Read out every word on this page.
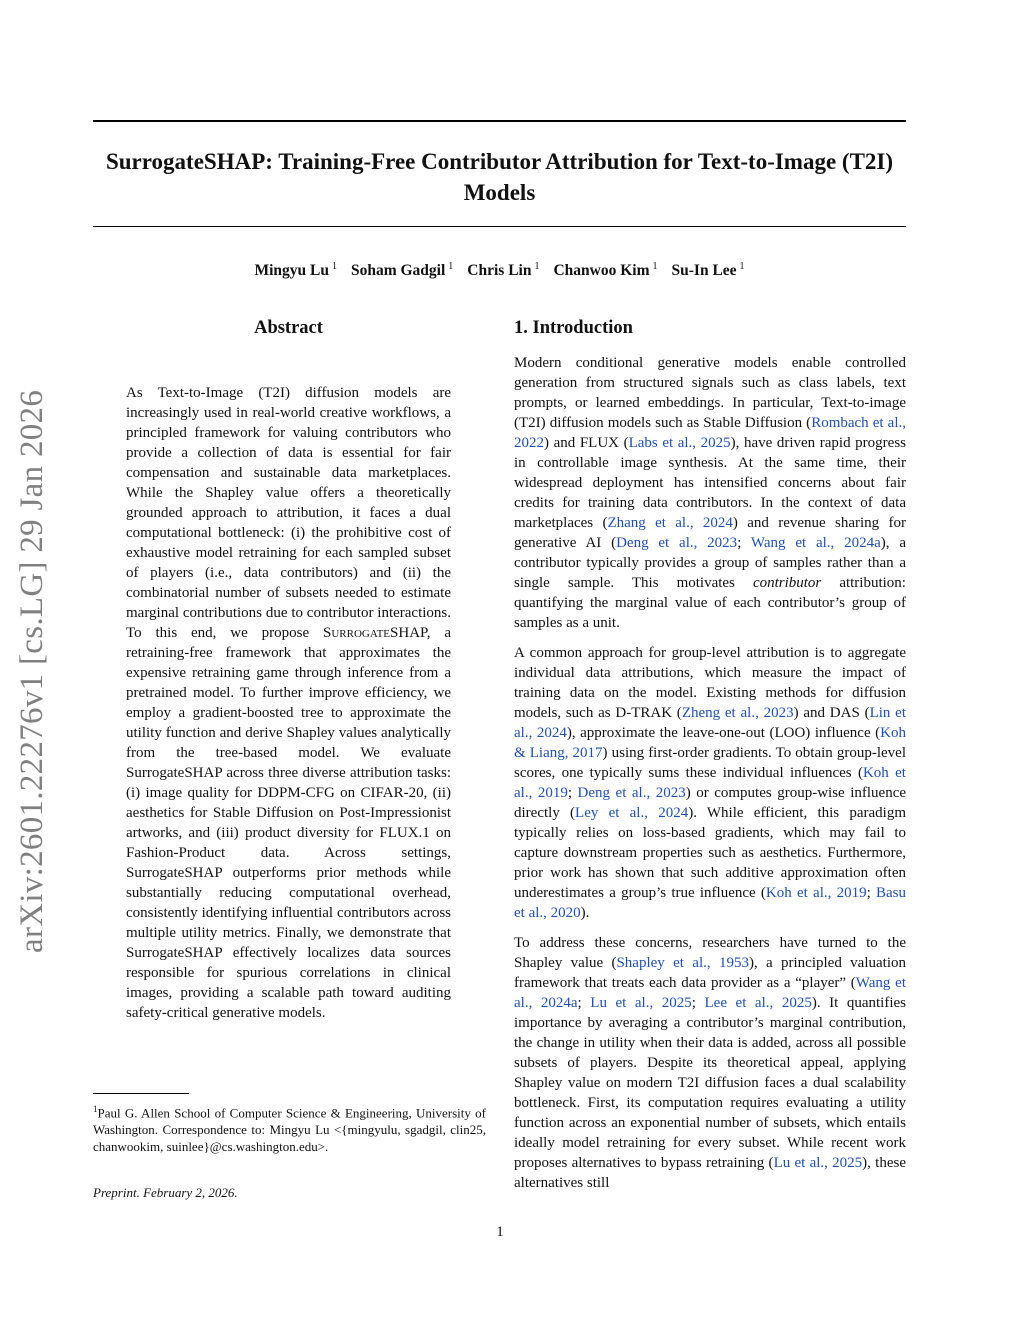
SurrogateSHAP: Training-Free Contributor Attribution for Text-to-Image (T2I)
Models
Mingyu Lu $^1$ Soham Gadgil $^1$ Chris Lin $^1$ Chanwoo Kim $^1$ Su-In Lee $^1$
arXiv:2601.22276v1 [cs.LG] 29 Jan 2026
Abstract

As Text-to-Image (T2I) diffusion models are increasingly used in real-world creative workflows, a principled framework for valuing contributors who provide a collection of data is essential for fair compensation and sustainable data marketplaces. While the Shapley value offers a theoretically grounded approach to attribution, it faces a dual computational bottleneck: (i) the prohibitive cost of exhaustive model retraining for each sampled subset of players (i.e., data contributors) and (ii) the combinatorial number of subsets needed to estimate marginal contributions due to contributor interactions. To this end, we propose SurrogateSHAP, a retraining-free framework that approximates the expensive retraining game through inference from a pretrained model. To further improve efficiency, we employ a gradient-boosted tree to approximate the utility function and derive Shapley values analytically from the tree-based model. We evaluate SurrogateSHAP across three diverse attribution tasks: (i) image quality for DDPM-CFG on CIFAR-20, (ii) aesthetics for Stable Diffusion on Post-Impressionist artworks, and (iii) product diversity for FLUX.1 on Fashion-Product data. Across settings, SurrogateSHAP outperforms prior methods while substantially reducing computational overhead, consistently identifying influential contributors across multiple utility metrics. Finally, we demonstrate that SurrogateSHAP effectively localizes data sources responsible for spurious correlations in clinical images, providing a scalable path toward auditing safety-critical generative models.

$^1$Paul G. Allen School of Computer Science & Engineering, University of Washington. Correspondence to: Mingyu Lu <{mingyulu, sgadgil, clin25, chanwookim, suinlee}@cs.washington.edu>.
Preprint. February 2, 2026.
1. Introduction

Modern conditional generative models enable controlled generation from structured signals such as class labels, text prompts, or learned embeddings. In particular, Text-to-image (T2I) diffusion models such as Stable Diffusion (Rombach et al., 2022) and FLUX (Labs et al., 2025), have driven rapid progress in controllable image synthesis. At the same time, their widespread deployment has intensified concerns about fair credits for training data contributors. In the context of data marketplaces (Zhang et al., 2024) and revenue sharing for generative AI (Deng et al., 2023; Wang et al., 2024a), a contributor typically provides a group of samples rather than a single sample. This motivates contributor attribution: quantifying the marginal value of each contributor’s group of samples as a unit.

A common approach for group-level attribution is to aggregate individual data attributions, which measure the impact of training data on the model. Existing methods for diffusion models, such as D-TRAK (Zheng et al., 2023) and DAS (Lin et al., 2024), approximate the leave-one-out (LOO) influence (Koh & Liang, 2017) using first-order gradients. To obtain group-level scores, one typically sums these individual influences (Koh et al., 2019; Deng et al., 2023) or computes group-wise influence directly (Ley et al., 2024). While efficient, this paradigm typically relies on loss-based gradients, which may fail to capture downstream properties such as aesthetics. Furthermore, prior work has shown that such additive approximation often underestimates a group’s true influence (Koh et al., 2019; Basu et al., 2020).

To address these concerns, researchers have turned to the Shapley value (Shapley et al., 1953), a principled valuation framework that treats each data provider as a “player” (Wang et al., 2024a; Lu et al., 2025; Lee et al., 2025). It quantifies importance by averaging a contributor’s marginal contribution, the change in utility when their data is added, across all possible subsets of players. Despite its theoretical appeal, applying Shapley value on modern T2I diffusion faces a dual scalability bottleneck. First, its computation requires evaluating a utility function across an exponential number of subsets, which entails ideally model retraining for every subset. While recent work proposes alternatives to bypass retraining (Lu et al., 2025), these alternatives still

1
